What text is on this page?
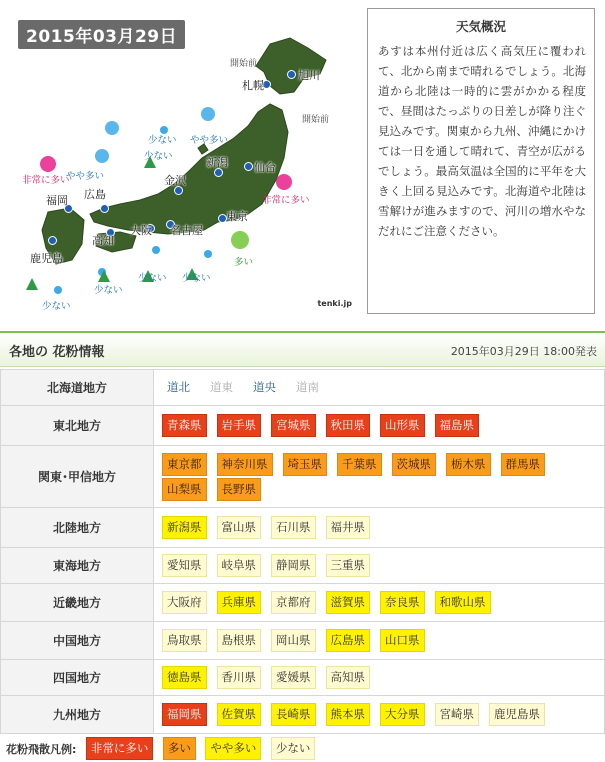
2015年03月29日
旭川
札幌
仙台
新潟
金沢
東京
名古屋
大阪
広島
高知
福岡
鹿児島
開始前
開始前
非常に多い
やや多い
少ない
やや多い
少ない
非常に多い
多い
少ない
少ない
少ない
少ない	tenki.jp
天気概況
あすは本州付近は広く高気圧に覆われて、北から南まで晴れるでしょう。北海道から北陸は一時的に雲がかかる程度で、昼間はたっぷりの日差しが降り注ぐ見込みです。関東から九州、沖縄にかけては一日を通して晴れて、青空が広がるでしょう。最高気温は全国的に平年を大きく上回る見込みです。北海道や北陸は雪解けが進みますので、河川の増水やなだれにご注意ください。
各地の 花粉情報	2015年03月29日 18:00発表
北海道地方	道北 道東 道央 道南
東北地方	青森県 岩手県 宮城県 秋田県 山形県 福島県
関東･甲信地方	東京都 神奈川県 埼玉県 千葉県 茨城県 栃木県 群馬県山梨県 長野県
北陸地方	新潟県 富山県 石川県 福井県
東海地方	愛知県 岐阜県 静岡県 三重県
近畿地方	大阪府 兵庫県 京都府 滋賀県 奈良県 和歌山県
中国地方	鳥取県 島根県 岡山県 広島県 山口県
四国地方	徳島県 香川県 愛媛県 高知県
九州地方	福岡県 佐賀県 長崎県 熊本県 大分県 宮崎県 鹿児島県
花粉飛散凡例: 非常に多い 多い やや多い 少ない
